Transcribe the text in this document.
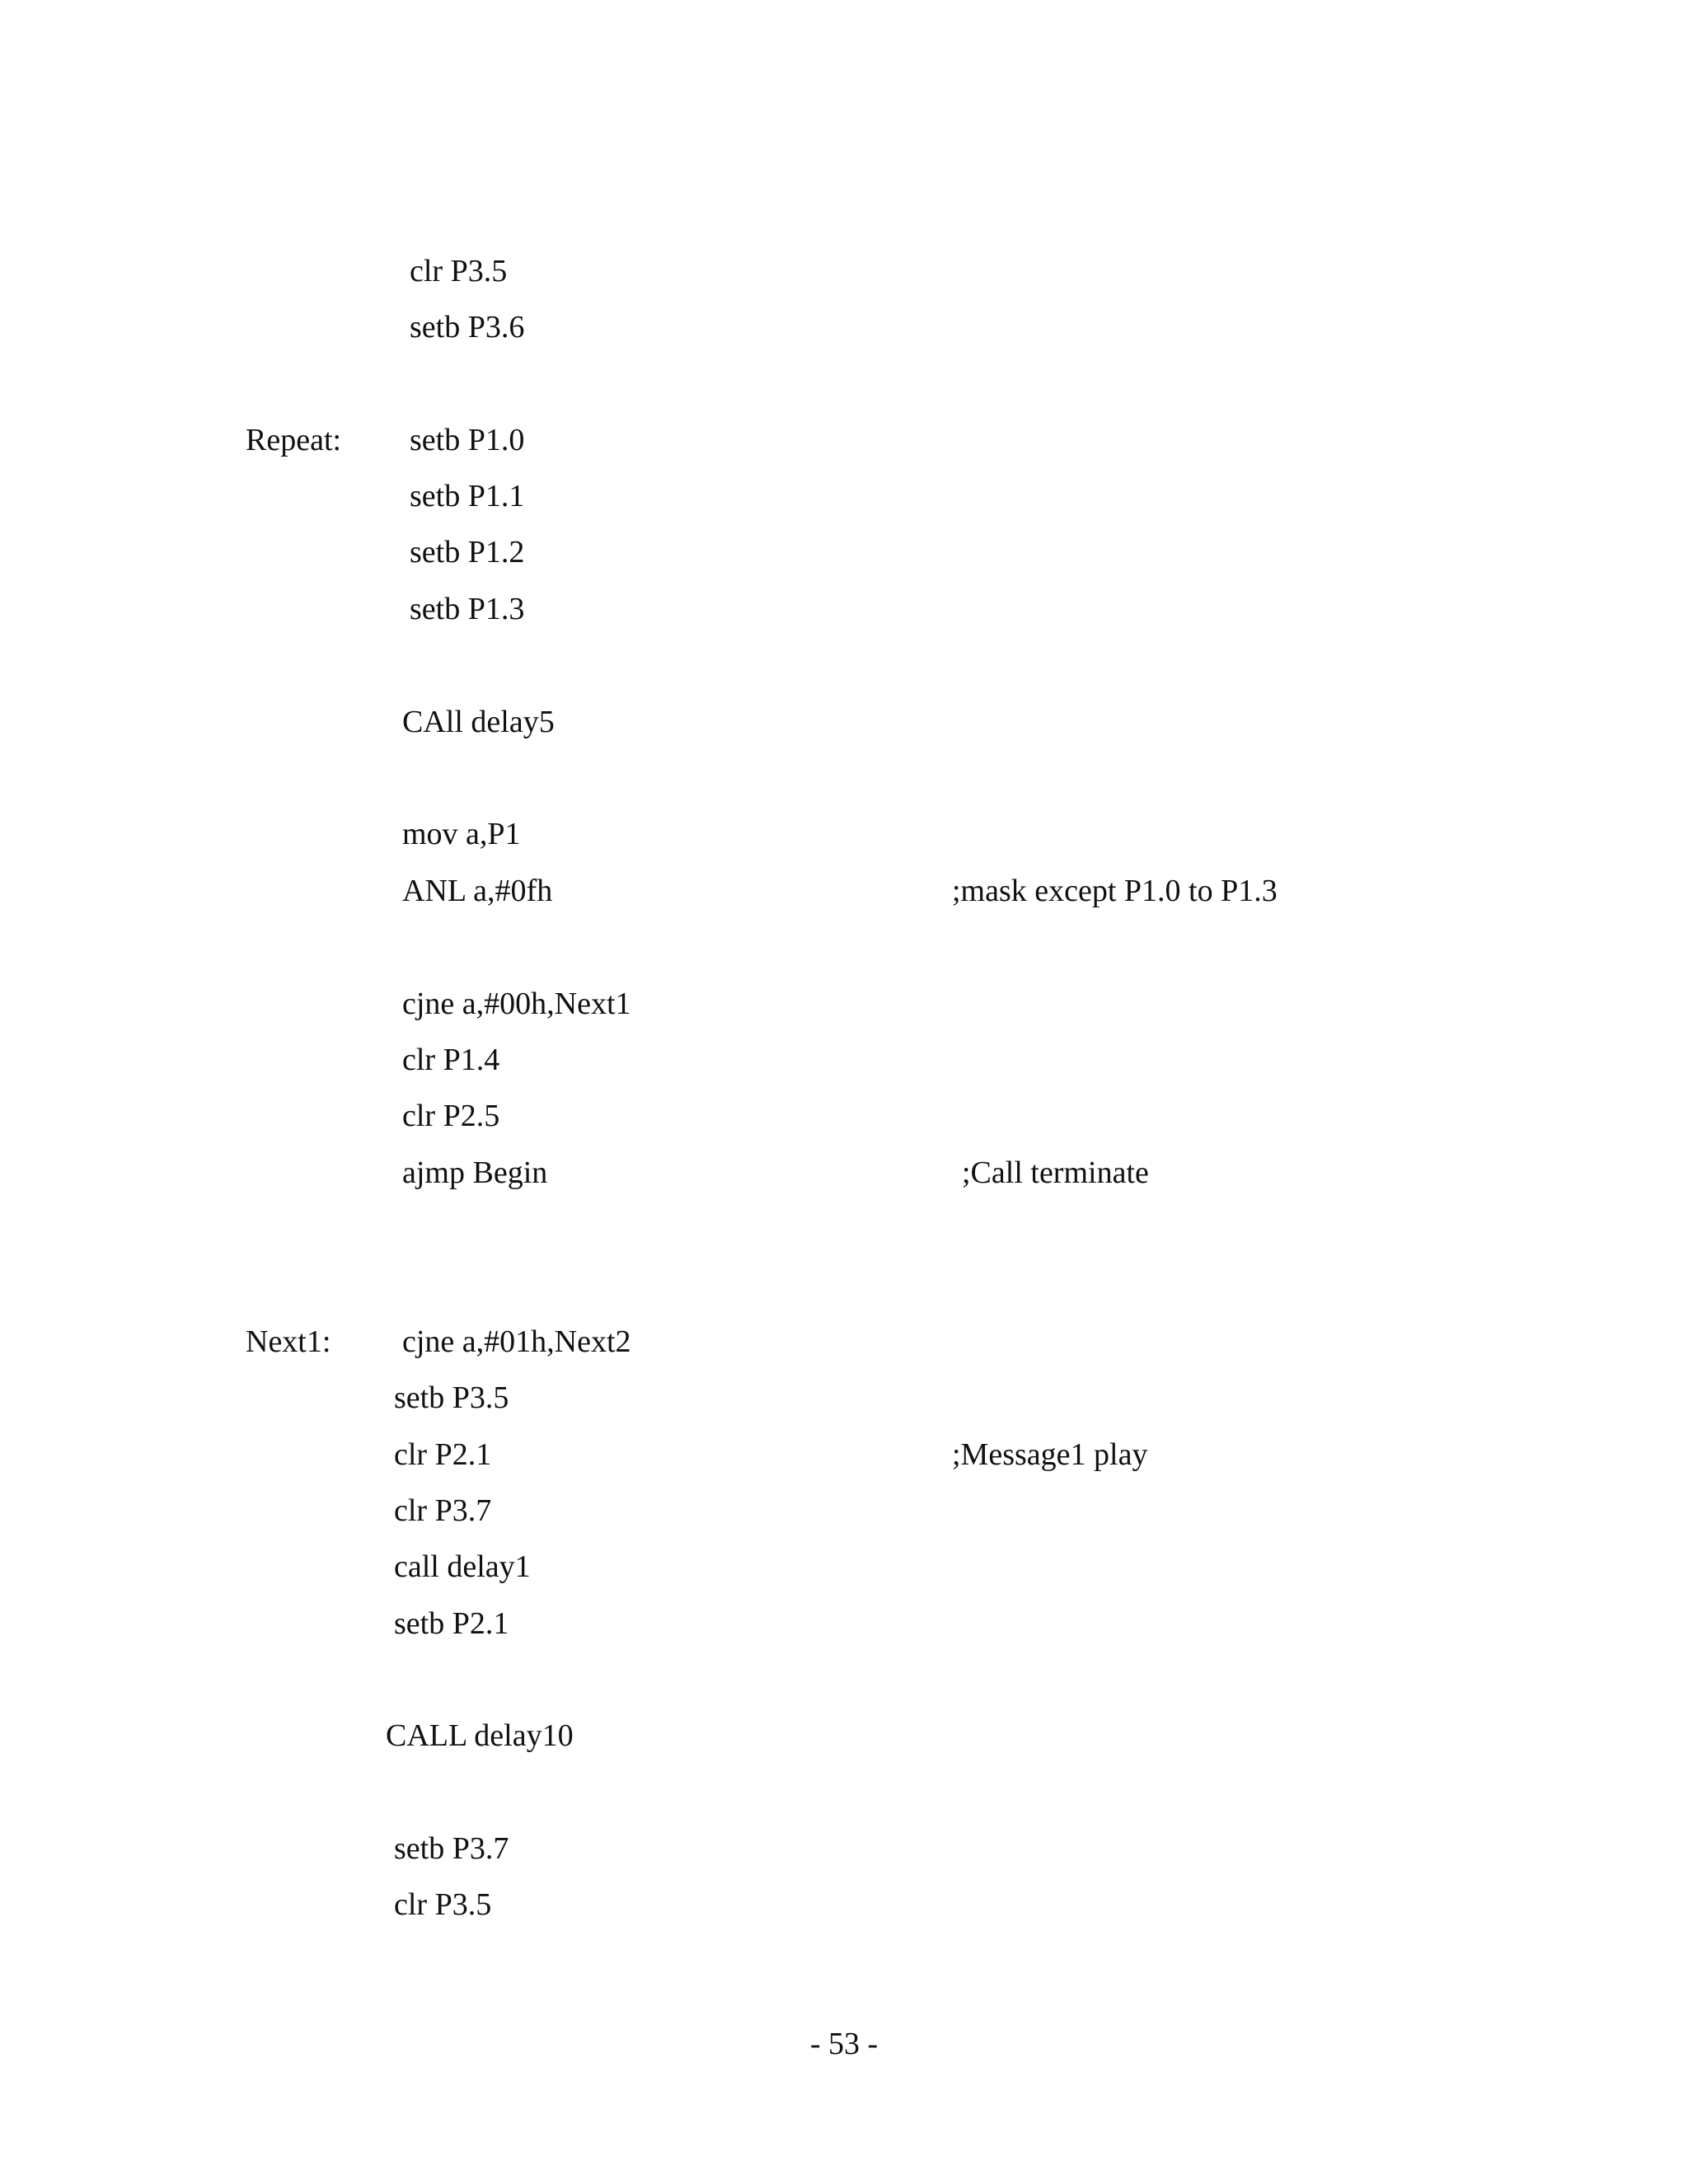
clr P3.5
setb P3.6
Repeat: setb P1.0
setb P1.1
setb P1.2
setb P1.3
CAll delay5
mov a,P1
ANL a,#0fh	;mask except P1.0 to P1.3
cjne a,#00h,Next1
clr P1.4
clr P2.5
ajmp Begin	;Call terminate
Next1: cjne a,#01h,Next2
setb P3.5
clr P2.1	;Message1 play
clr P3.7
call delay1
setb P2.1
CALL delay10
setb P3.7
clr P3.5
- 53 -
